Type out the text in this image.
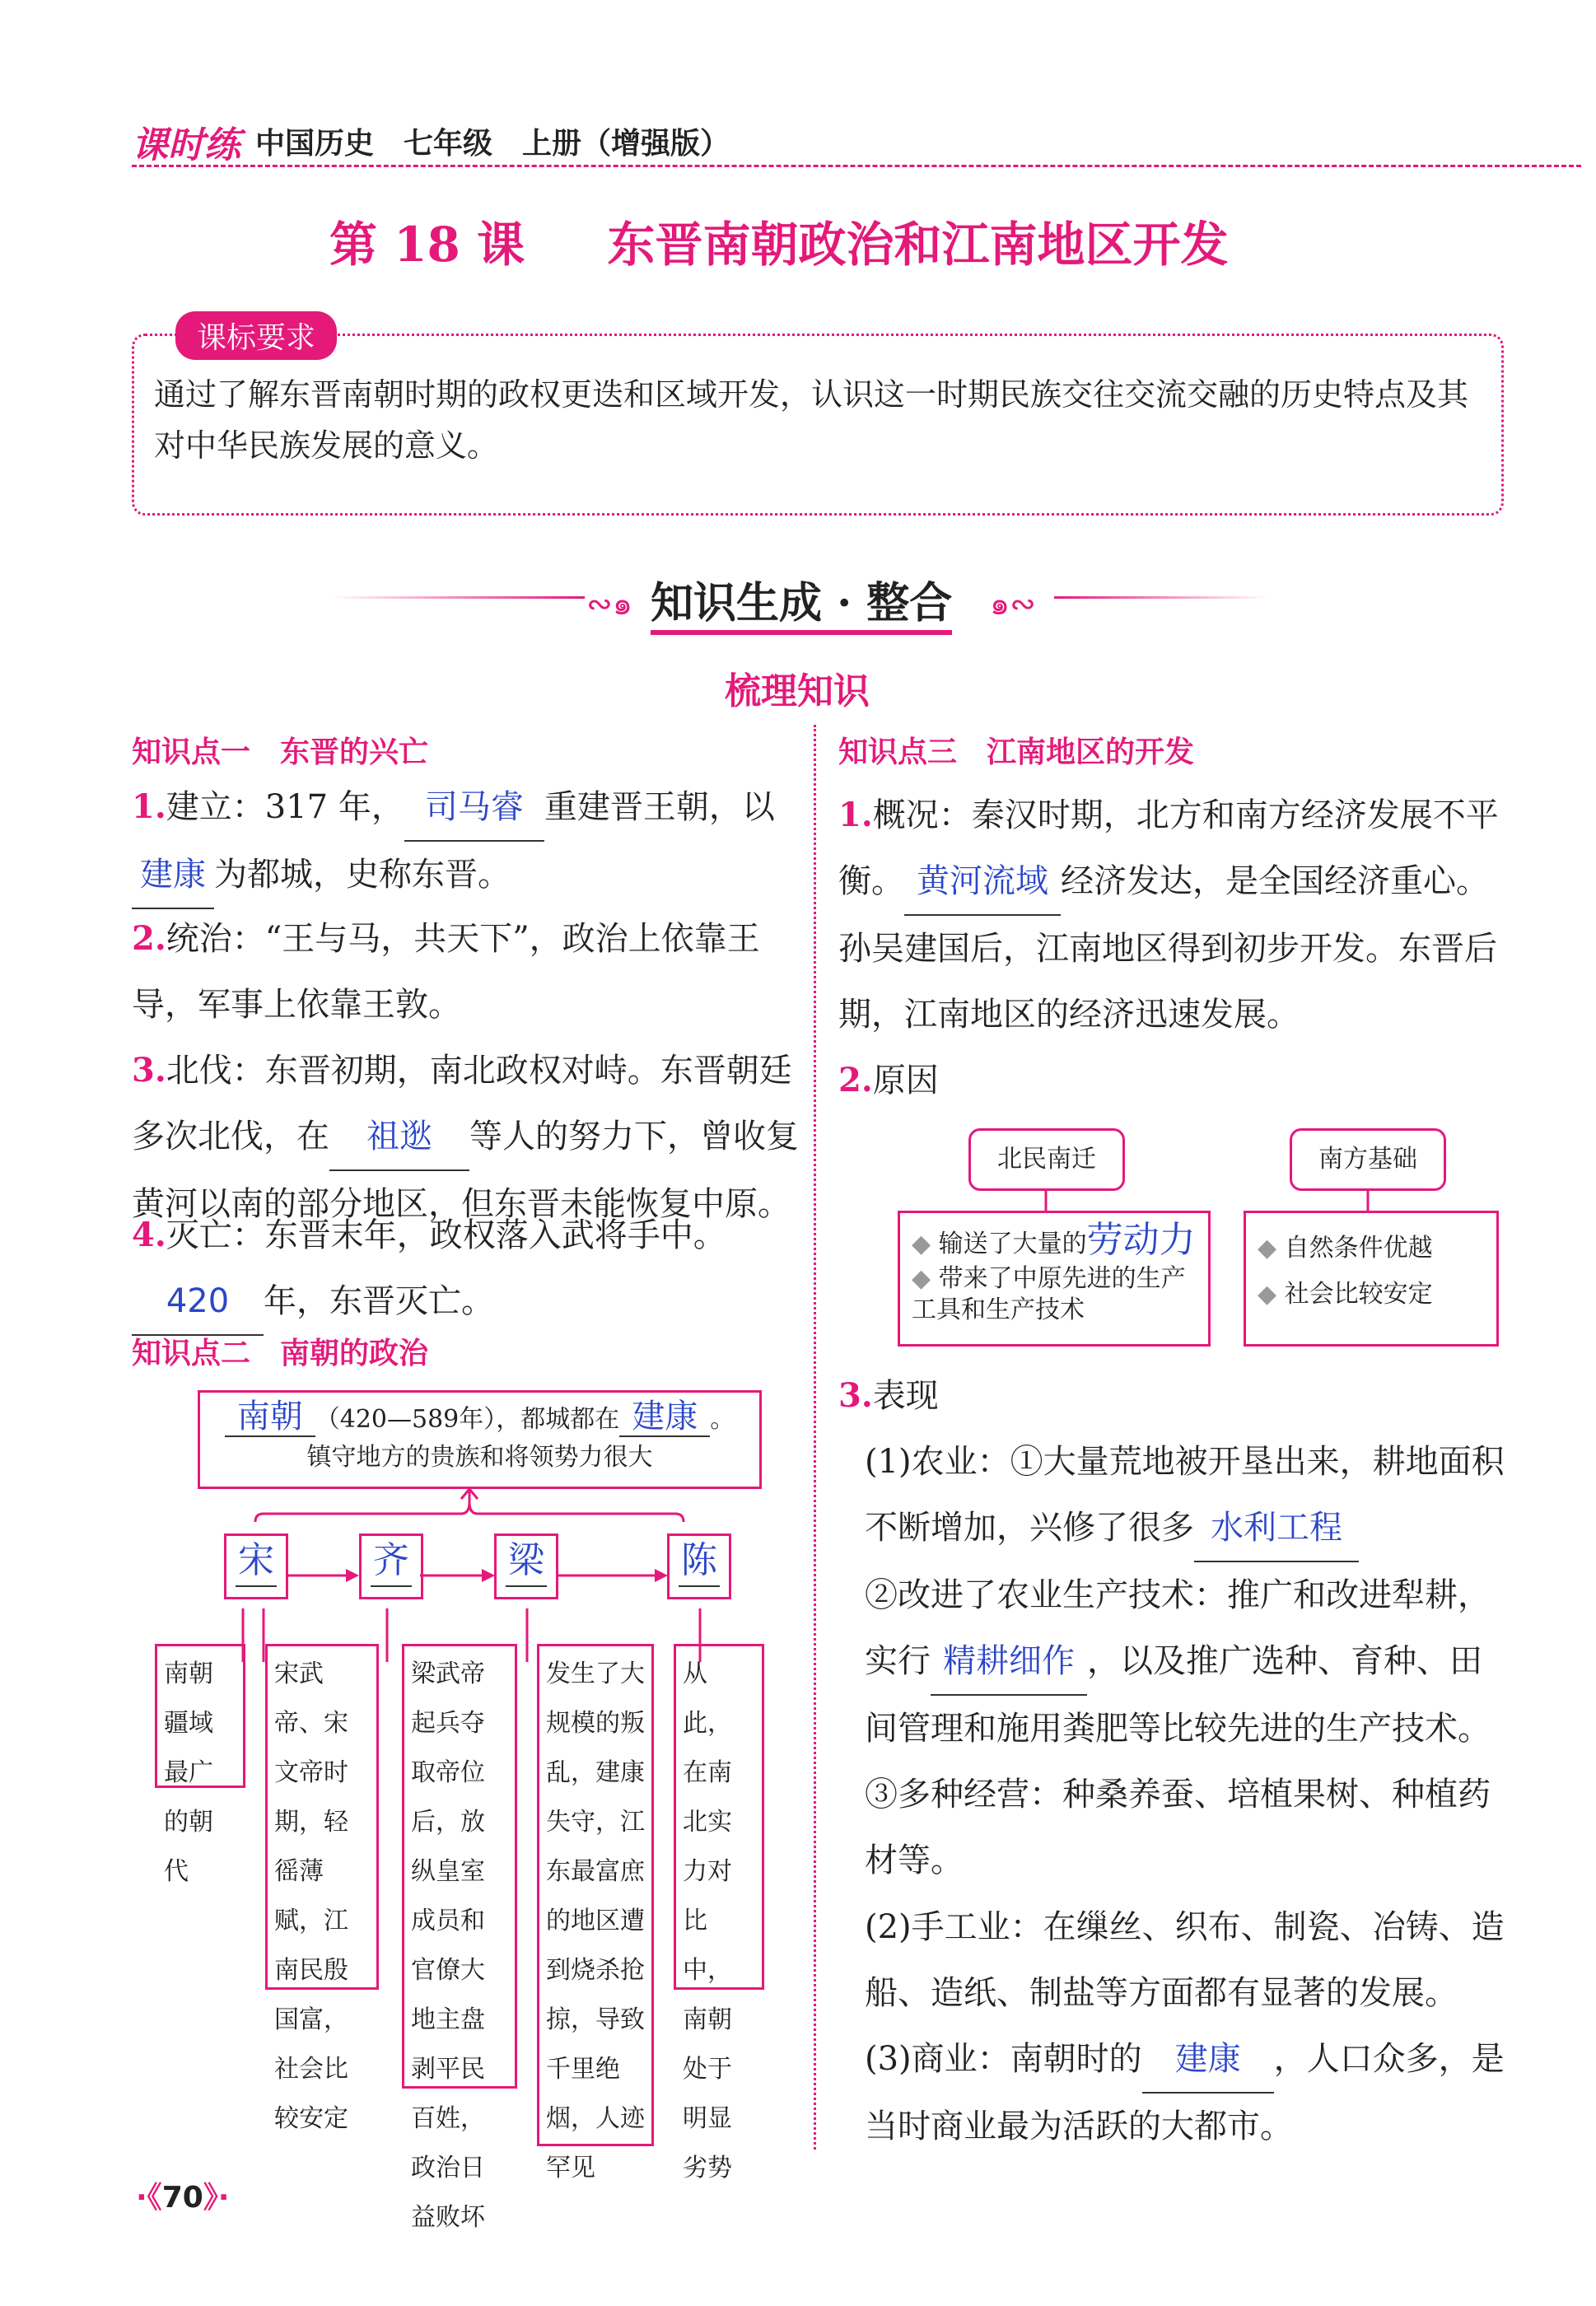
课时练 中国历史　七年级　上册（增强版）
第 18 课 东晋南朝政治和江南地区开发
课标要求
通过了解东晋南朝时期的政权更迭和区域开发，认识这一时期民族交往交流交融的历史特点及其对中华民族发展的意义。
∾๑ 知识生成 · 整合 ๑∾
梳理知识
知识点一　东晋的兴亡
1.建立：317 年， 司马睿 重建晋王朝，以建康 为都城，史称东晋。
2.统治：“王与马，共天下”，政治上依靠王导，军事上依靠王敦。
3.北伐：东晋初期，南北政权对峙。东晋朝廷多次北伐，在 祖逖 等人的努力下，曾收复黄河以南的部分地区，但东晋未能恢复中原。
4.灭亡：东晋末年，政权落入武将手中。420 年，东晋灭亡。
知识点二　南朝的政治
南朝 （420—589年），都城都在 建康 。
镇守地方的贵族和将领势力很大
宋	齐	梁	陈
南朝疆域最广的朝代
宋武帝、宋文帝时期，轻徭薄赋，江南民殷国富，社会比较安定
梁武帝起兵夺取帝位后，放纵皇室成员和官僚大地主盘剥平民百姓，政治日益败坏
发生了大规模的叛乱，建康失守，江东最富庶的地区遭到烧杀抢掠，导致千里绝烟，人迹罕见
从此，在南北实力对比中，南朝处于明显劣势
知识点三　江南地区的开发
1.概况：秦汉时期，北方和南方经济发展不平衡。 黄河流域 经济发达，是全国经济重心。孙吴建国后，江南地区得到初步开发。东晋后期，江南地区的经济迅速发展。
2.原因
北民南迁
◆ 输送了大量的劳动力
◆ 带来了中原先进的生产工具和生产技术
南方基础
◆ 自然条件优越
◆ 社会比较安定
3.表现
(1)农业：①大量荒地被开垦出来，耕地面积不断增加，兴修了很多 水利工程
②改进了农业生产技术：推广和改进犁耕，实行 精耕细作 ，以及推广选种、育种、田间管理和施用粪肥等比较先进的生产技术。
③多种经营：种桑养蚕、培植果树、种植药材等。
(2)手工业：在缫丝、织布、制瓷、冶铸、造船、造纸、制盐等方面都有显著的发展。
(3)商业：南朝时的 建康 ，人口众多，是当时商业最为活跃的大都市。
·《70》·
